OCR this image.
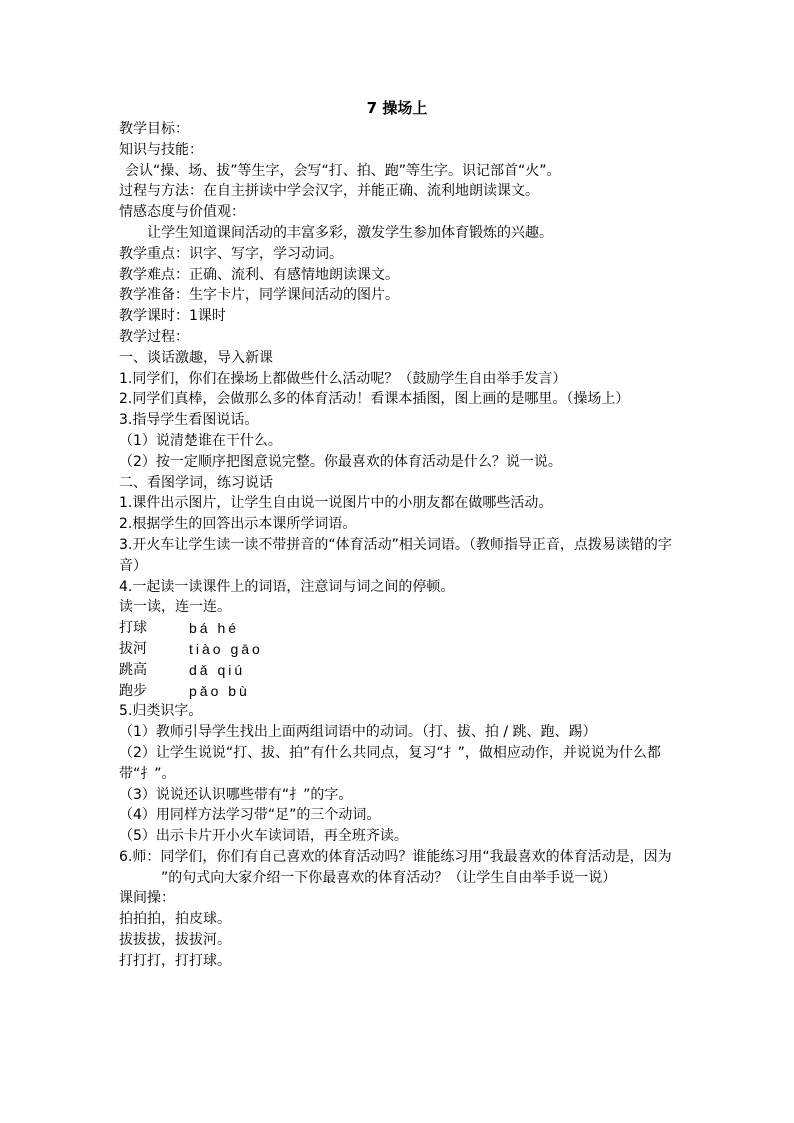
7 操场上
教学目标：
知识与技能：
会认“操、场、拔”等生字，会写“打、拍、跑”等生字。识记部首“火”。
过程与方法：在自主拼读中学会汉字，并能正确、流利地朗读课文。
情感态度与价值观：
让学生知道课间活动的丰富多彩，激发学生参加体育锻炼的兴趣。
教学重点：识字、写字，学习动词。
教学难点：正确、流利、有感情地朗读课文。
教学准备：生字卡片，同学课间活动的图片。
教学课时：1课时
教学过程：
一、谈话激趣，导入新课
1.同学们，你们在操场上都做些什么活动呢？（鼓励学生自由举手发言）
2.同学们真棒，会做那么多的体育活动！看课本插图，图上画的是哪里。（操场上）
3.指导学生看图说话。
（1）说清楚谁在干什么。
（2）按一定顺序把图意说完整。你最喜欢的体育活动是什么？说一说。
二、看图学词，练习说话
1.课件出示图片，让学生自由说一说图片中的小朋友都在做哪些活动。
2.根据学生的回答出示本课所学词语。
3.开火车让学生读一读不带拼音的“体育活动”相关词语。（教师指导正音，点拨易读错的字音）
4.一起读一读课件上的词语，注意词与词之间的停顿。
读一读，连一连。
打球	bá hé
拔河	tiào gāo
跳高	dǎ qiú
跑步	pǎo bù
5.归类识字。
（1）教师引导学生找出上面两组词语中的动词。（打、拔、拍 / 跳、跑、踢）
（2）让学生说说“打、拔、拍”有什么共同点，复习“扌”，做相应动作，并说说为什么都带“扌”。
（3）说说还认识哪些带有“扌”的字。
（4）用同样方法学习带“足”的三个动词。
（5）出示卡片开小火车读词语，再全班齐读。
6.师：同学们，你们有自己喜欢的体育活动吗？谁能练习用“我最喜欢的体育活动是，因为”的句式向大家介绍一下你最喜欢的体育活动？（让学生自由举手说一说）
课间操：
拍拍拍，拍皮球。
拔拔拔，拔拔河。
打打打，打打球。
